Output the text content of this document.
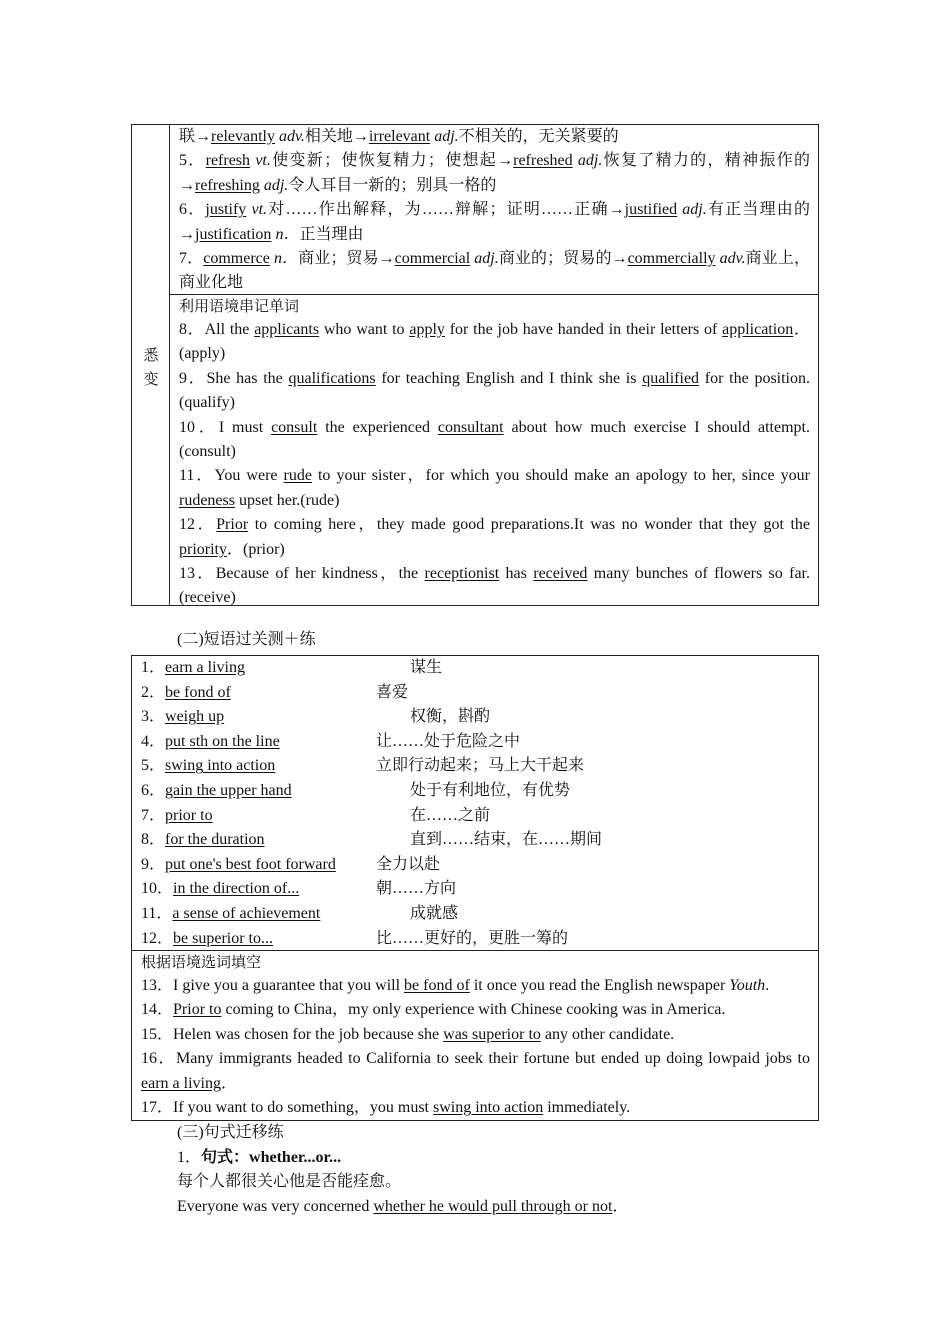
悉
变

联→relevantly adv.相关地→irrelevant adj.不相关的，无关紧要的

5．refresh vt.使变新；使恢复精力；使想起→refreshed adj.恢复了精力的，精神振作的→refreshing adj.令人耳目一新的；别具一格的

6．justify vt.对……作出解释，为……辩解；证明……正确→justified adj.有正当理由的→justification n．正当理由

7．commerce n．商业；贸易→commercial adj.商业的；贸易的→commercially adv.商业上，商业化地

利用语境串记单词

8．All the applicants who want to apply for the job have handed in their letters of application．(apply)

9．She has the qualifications for teaching English and I think she is qualified for the position.(qualify)

10．I must consult the experienced consultant about how much exercise I should attempt.(consult)

11．You were rude to your sister，for which you should make an apology to her, since your rudeness upset her.(rude)

12．Prior to coming here，they made good preparations.It was no wonder that they got the priority．(prior)

13．Because of her kindness，the receptionist has received many bunches of flowers so far.(receive)

(二)短语过关测＋练
1．earn a living	谋生
2．be fond of	喜爱
3．weigh up	权衡，斟酌
4．put sth on the line	让……处于危险之中
5．swing into action	立即行动起来；马上大干起来
6．gain the upper hand	处于有利地位，有优势
7．prior to	在……之前
8．for the duration	直到……结束，在……期间
9．put one's best foot forward	全力以赴
10．in the direction of...	朝……方向
11．a sense of achievement	成就感
12．be superior to...	比……更好的，更胜一筹的

根据语境选词填空

13．I give you a guarantee that you will be fond of it once you read the English newspaper Youth.

14．Prior to coming to China，my only experience with Chinese cooking was in America.

15．Helen was chosen for the job because she was superior to any other candidate.

16．Many immigrants headed to California to seek their fortune but ended up doing lowpaid jobs to earn a living．

17．If you want to do something，you must swing into action immediately.

(三)句式迁移练

1．句式：whether...or...

每个人都很关心他是否能痊愈。

Everyone was very concerned whether he would pull through or not．
